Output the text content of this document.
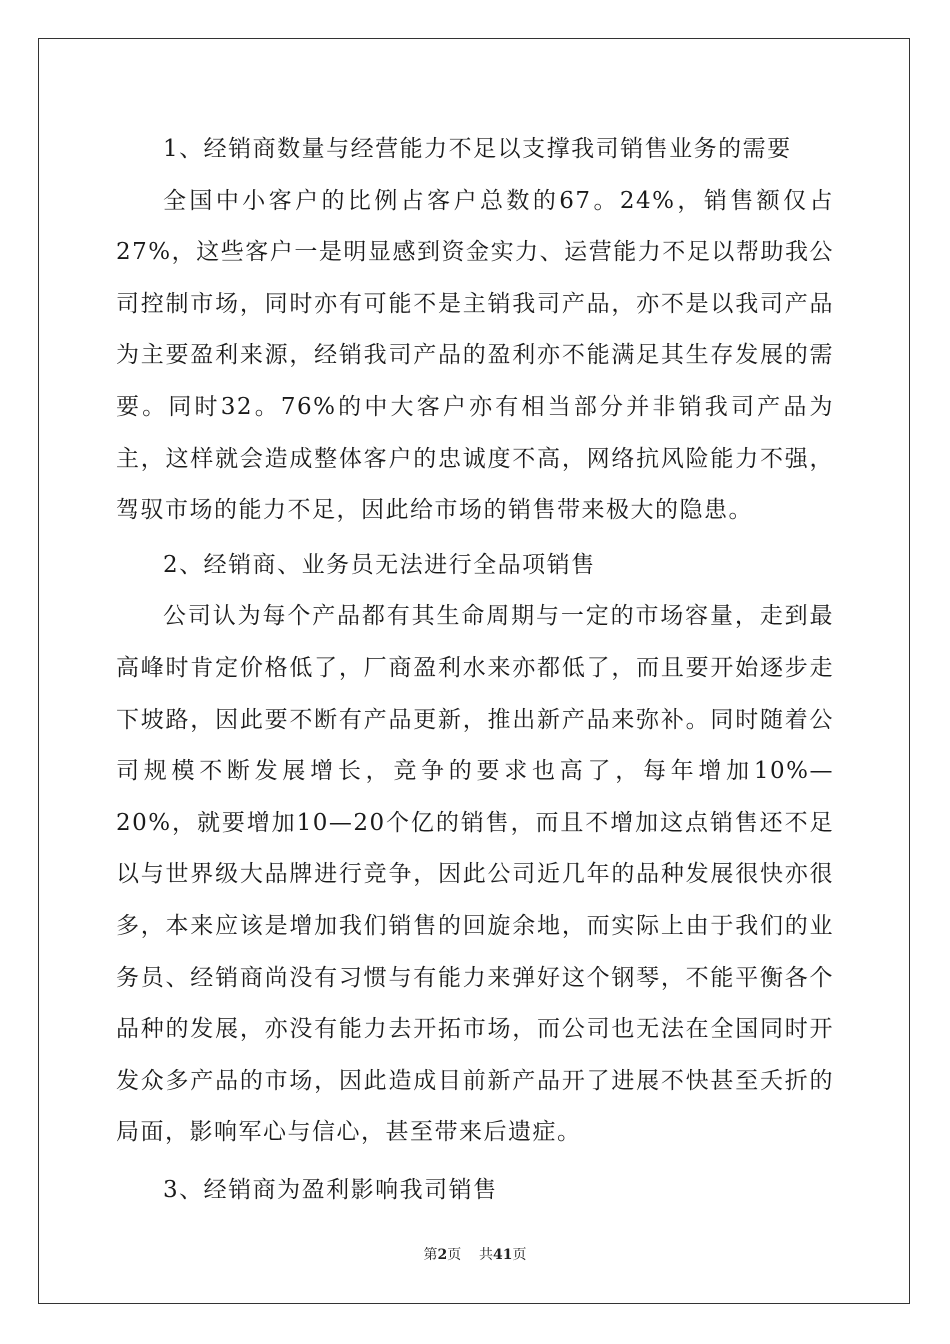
1、经销商数量与经营能力不足以支撑我司销售业务的需要

全国中小客户的比例占客户总数的67。24%，销售额仅占27%，这些客户一是明显感到资金实力、运营能力不足以帮助我公司控制市场，同时亦有可能不是主销我司产品，亦不是以我司产品为主要盈利来源，经销我司产品的盈利亦不能满足其生存发展的需要。同时32。76%的中大客户亦有相当部分并非销我司产品为主，这样就会造成整体客户的忠诚度不高，网络抗风险能力不强，驾驭市场的能力不足，因此给市场的销售带来极大的隐患。

2、经销商、业务员无法进行全品项销售

公司认为每个产品都有其生命周期与一定的市场容量，走到最高峰时肯定价格低了，厂商盈利水来亦都低了，而且要开始逐步走下坡路，因此要不断有产品更新，推出新产品来弥补。同时随着公司规模不断发展增长，竞争的要求也高了，每年增加10%—20%，就要增加10—20个亿的销售，而且不增加这点销售还不足以与世界级大品牌进行竞争，因此公司近几年的品种发展很快亦很多，本来应该是增加我们销售的回旋余地，而实际上由于我们的业务员、经销商尚没有习惯与有能力来弹好这个钢琴，不能平衡各个品种的发展，亦没有能力去开拓市场，而公司也无法在全国同时开发众多产品的市场，因此造成目前新产品开了进展不快甚至夭折的局面，影响军心与信心，甚至带来后遗症。

3、经销商为盈利影响我司销售

第2页 共41页
